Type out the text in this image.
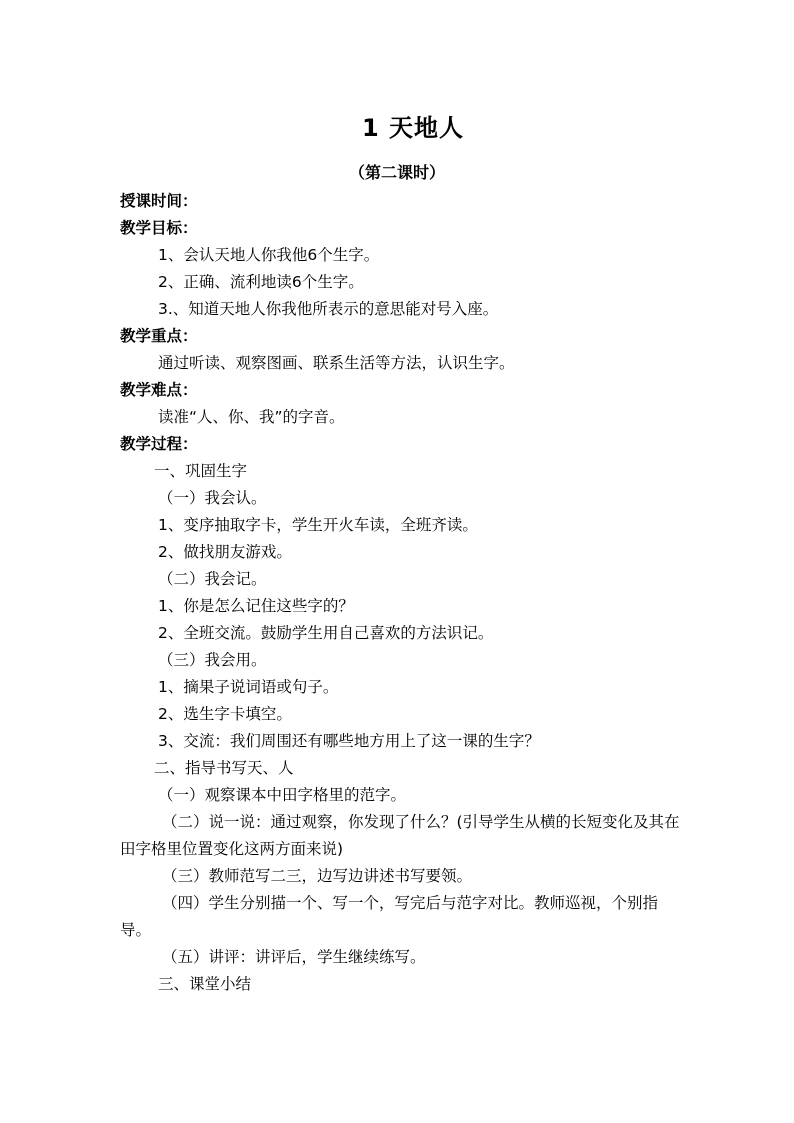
1 天地人
（第二课时）
授课时间：
教学目标：
1、会认天地人你我他6个生字。
2、正确、流利地读6个生字。
3.、知道天地人你我他所表示的意思能对号入座。
教学重点：
通过听读、观察图画、联系生活等方法，认识生字。
教学难点：
读准“人、你、我”的字音。
教学过程：
一、巩固生字
（一）我会认。
1、变序抽取字卡，学生开火车读，全班齐读。
2、做找朋友游戏。
（二）我会记。
1、你是怎么记住这些字的？
2、全班交流。鼓励学生用自己喜欢的方法识记。
（三）我会用。
1、摘果子说词语或句子。
2、选生字卡填空。
3、交流：我们周围还有哪些地方用上了这一课的生字？
二、指导书写天、人
（一）观察课本中田字格里的范字。
（二）说一说：通过观察，你发现了什么？(引导学生从横的长短变化及其在田字格里位置变化这两方面来说)
（三）教师范写二三，边写边讲述书写要领。
（四）学生分别描一个、写一个，写完后与范字对比。教师巡视，个别指导。
（五）讲评：讲评后，学生继续练写。
三、课堂小结
